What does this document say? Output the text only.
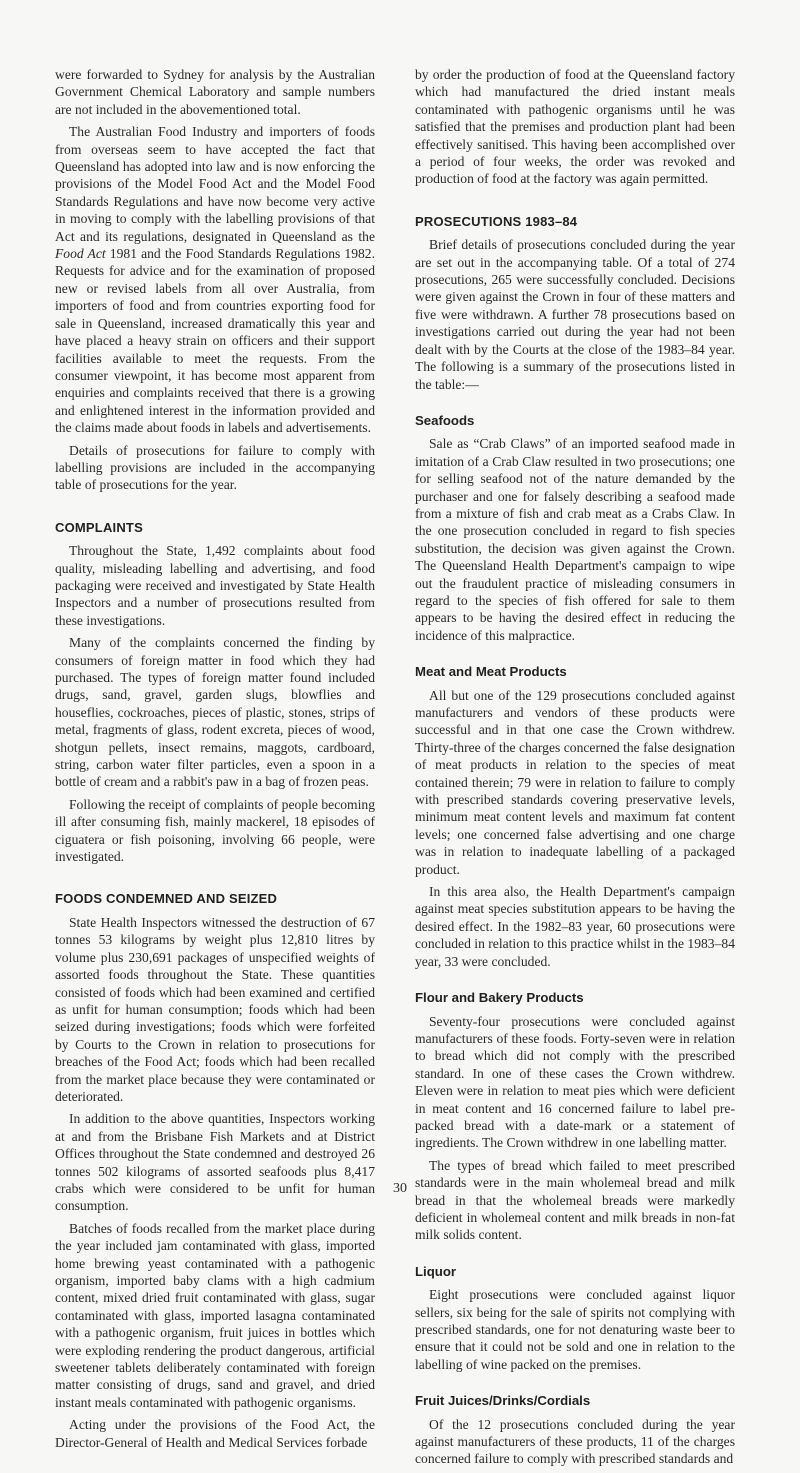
were forwarded to Sydney for analysis by the Australian Government Chemical Laboratory and sample numbers are not included in the abovementioned total.

The Australian Food Industry and importers of foods from overseas seem to have accepted the fact that Queensland has adopted into law and is now enforcing the provisions of the Model Food Act and the Model Food Standards Regulations and have now become very active in moving to comply with the labelling provisions of that Act and its regulations, designated in Queensland as the Food Act 1981 and the Food Standards Regulations 1982. Requests for advice and for the examination of proposed new or revised labels from all over Australia, from importers of food and from countries exporting food for sale in Queensland, increased dramatically this year and have placed a heavy strain on officers and their support facilities available to meet the requests. From the consumer viewpoint, it has become most apparent from enquiries and complaints received that there is a growing and enlightened interest in the information provided and the claims made about foods in labels and advertisements.

Details of prosecutions for failure to comply with labelling provisions are included in the accompanying table of prosecutions for the year.

COMPLAINTS

Throughout the State, 1,492 complaints about food quality, misleading labelling and advertising, and food packaging were received and investigated by State Health Inspectors and a number of prosecutions resulted from these investigations.

Many of the complaints concerned the finding by consumers of foreign matter in food which they had purchased. The types of foreign matter found included drugs, sand, gravel, garden slugs, blowflies and houseflies, cockroaches, pieces of plastic, stones, strips of metal, fragments of glass, rodent excreta, pieces of wood, shotgun pellets, insect remains, maggots, cardboard, string, carbon water filter particles, even a spoon in a bottle of cream and a rabbit's paw in a bag of frozen peas.

Following the receipt of complaints of people becoming ill after consuming fish, mainly mackerel, 18 episodes of ciguatera or fish poisoning, involving 66 people, were investigated.

FOODS CONDEMNED AND SEIZED

State Health Inspectors witnessed the destruction of 67 tonnes 53 kilograms by weight plus 12,810 litres by volume plus 230,691 packages of unspecified weights of assorted foods throughout the State. These quantities consisted of foods which had been examined and certified as unfit for human consumption; foods which had been seized during investigations; foods which were forfeited by Courts to the Crown in relation to prosecutions for breaches of the Food Act; foods which had been recalled from the market place because they were contaminated or deteriorated.

In addition to the above quantities, Inspectors working at and from the Brisbane Fish Markets and at District Offices throughout the State condemned and destroyed 26 tonnes 502 kilograms of assorted seafoods plus 8,417 crabs which were considered to be unfit for human consumption.

Batches of foods recalled from the market place during the year included jam contaminated with glass, imported home brewing yeast contaminated with a pathogenic organism, imported baby clams with a high cadmium content, mixed dried fruit contaminated with glass, sugar contaminated with glass, imported lasagna contaminated with a pathogenic organism, fruit juices in bottles which were exploding rendering the product dangerous, artificial sweetener tablets deliberately contaminated with foreign matter consisting of drugs, sand and gravel, and dried instant meals contaminated with pathogenic organisms.

Acting under the provisions of the Food Act, the Director-General of Health and Medical Services forbade

by order the production of food at the Queensland factory which had manufactured the dried instant meals contaminated with pathogenic organisms until he was satisfied that the premises and production plant had been effectively sanitised. This having been accomplished over a period of four weeks, the order was revoked and production of food at the factory was again permitted.

PROSECUTIONS 1983–84

Brief details of prosecutions concluded during the year are set out in the accompanying table. Of a total of 274 prosecutions, 265 were successfully concluded. Decisions were given against the Crown in four of these matters and five were withdrawn. A further 78 prosecutions based on investigations carried out during the year had not been dealt with by the Courts at the close of the 1983–84 year. The following is a summary of the prosecutions listed in the table:—

Seafoods

Sale as “Crab Claws” of an imported seafood made in imitation of a Crab Claw resulted in two prosecutions; one for selling seafood not of the nature demanded by the purchaser and one for falsely describing a seafood made from a mixture of fish and crab meat as a Crabs Claw. In the one prosecution concluded in regard to fish species substitution, the decision was given against the Crown. The Queensland Health Department's campaign to wipe out the fraudulent practice of misleading consumers in regard to the species of fish offered for sale to them appears to be having the desired effect in reducing the incidence of this malpractice.

Meat and Meat Products

All but one of the 129 prosecutions concluded against manufacturers and vendors of these products were successful and in that one case the Crown withdrew. Thirty-three of the charges concerned the false designation of meat products in relation to the species of meat contained therein; 79 were in relation to failure to comply with prescribed standards covering preservative levels, minimum meat content levels and maximum fat content levels; one concerned false advertising and one charge was in relation to inadequate labelling of a packaged product.

In this area also, the Health Department's campaign against meat species substitution appears to be having the desired effect. In the 1982–83 year, 60 prosecutions were concluded in relation to this practice whilst in the 1983–84 year, 33 were concluded.

Flour and Bakery Products

Seventy-four prosecutions were concluded against manufacturers of these foods. Forty-seven were in relation to bread which did not comply with the prescribed standard. In one of these cases the Crown withdrew. Eleven were in relation to meat pies which were deficient in meat content and 16 concerned failure to label pre-packed bread with a date-mark or a statement of ingredients. The Crown withdrew in one labelling matter.

The types of bread which failed to meet prescribed standards were in the main wholemeal bread and milk bread in that the wholemeal breads were markedly deficient in wholemeal content and milk breads in non-fat milk solids content.

Liquor

Eight prosecutions were concluded against liquor sellers, six being for the sale of spirits not complying with prescribed standards, one for not denaturing waste beer to ensure that it could not be sold and one in relation to the labelling of wine packed on the premises.

Fruit Juices/Drinks/Cordials

Of the 12 prosecutions concluded during the year against manufacturers of these products, 11 of the charges concerned failure to comply with prescribed standards and

30
